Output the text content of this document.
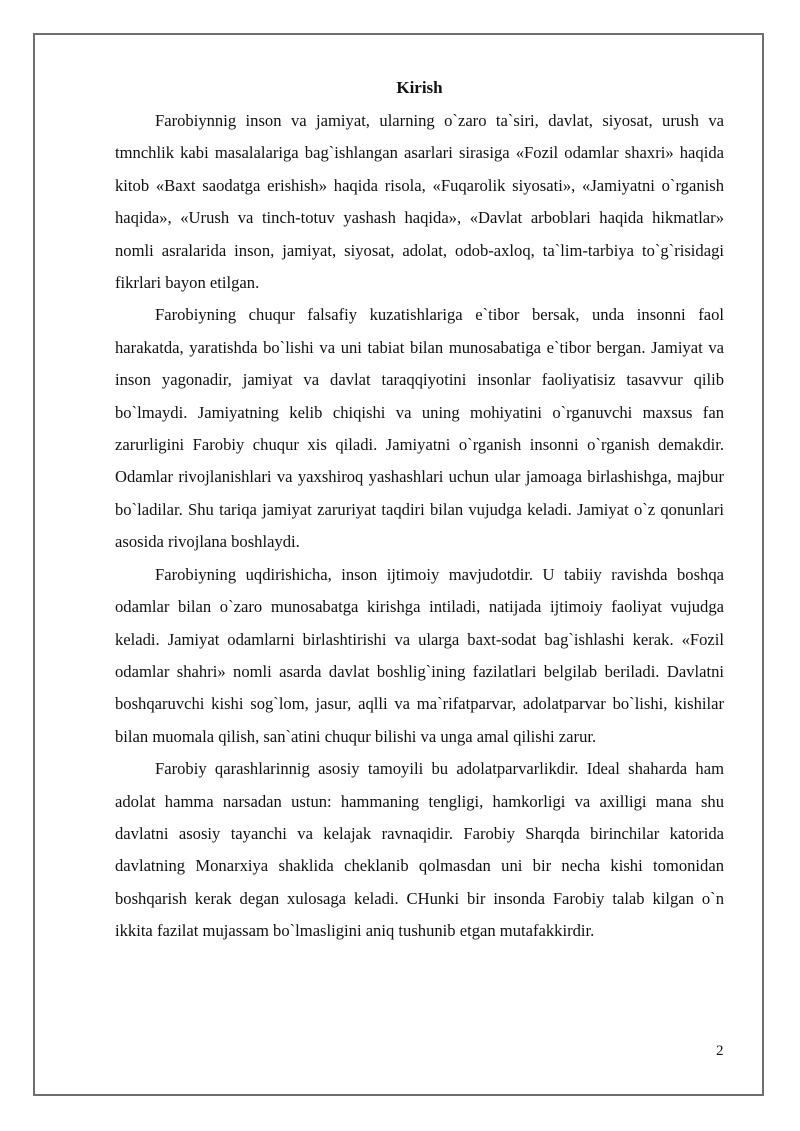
Kirish

Farobiynnig inson va jamiyat, ularning o`zaro ta`siri, davlat, siyosat, urush va tmnchlik kabi masalalariga bag`ishlangan asarlari sirasiga «Fozil odamlar shaxri» haqida kitob «Baxt saodatga erishish» haqida risola, «Fuqarolik siyosati», «Jamiyatni o`rganish haqida», «Urush va tinch-totuv yashash haqida», «Davlat arboblari haqida hikmatlar» nomli asralarida inson, jamiyat, siyosat, adolat, odob-axloq, ta`lim-tarbiya to`g`risidagi fikrlari bayon etilgan.

Farobiyning chuqur falsafiy kuzatishlariga e`tibor bersak, unda insonni faol harakatda, yaratishda bo`lishi va uni tabiat bilan munosabatiga e`tibor bergan. Jamiyat va inson yagonadir, jamiyat va davlat taraqqiyotini insonlar faoliyatisiz tasavvur qilib bo`lmaydi. Jamiyatning kelib chiqishi va uning mohiyatini o`rganuvchi maxsus fan zarurligini Farobiy chuqur xis qiladi. Jamiyatni o`rganish insonni o`rganish demakdir. Odamlar rivojlanishlari va yaxshiroq yashashlari uchun ular jamoaga birlashishga, majbur bo`ladilar. Shu tariqa jamiyat zaruriyat taqdiri bilan vujudga keladi. Jamiyat o`z qonunlari asosida rivojlana boshlaydi.

Farobiyning uqdirishicha, inson ijtimoiy mavjudotdir. U tabiiy ravishda boshqa odamlar bilan o`zaro munosabatga kirishga intiladi, natijada ijtimoiy faoliyat vujudga keladi. Jamiyat odamlarni birlashtirishi va ularga baxt-sodat bag`ishlashi kerak. «Fozil odamlar shahri» nomli asarda davlat boshlig`ining fazilatlari belgilab beriladi. Davlatni boshqaruvchi kishi sog`lom, jasur, aqlli va ma`rifatparvar, adolatparvar bo`lishi, kishilar bilan muomala qilish, san`atini chuqur bilishi va unga amal qilishi zarur.

Farobiy qarashlarinnig asosiy tamoyili bu adolatparvarlikdir. Ideal shaharda ham adolat hamma narsadan ustun: hammaning tengligi, hamkorligi va axilligi mana shu davlatni asosiy tayanchi va kelajak ravnaqidir. Farobiy Sharqda birinchilar katorida davlatning Monarxiya shaklida cheklanib qolmasdan uni bir necha kishi tomonidan boshqarish kerak degan xulosaga keladi. CHunki bir insonda Farobiy talab kilgan o`n ikkita fazilat mujassam bo`lmasligini aniq tushunib etgan mutafakkirdir.

2
